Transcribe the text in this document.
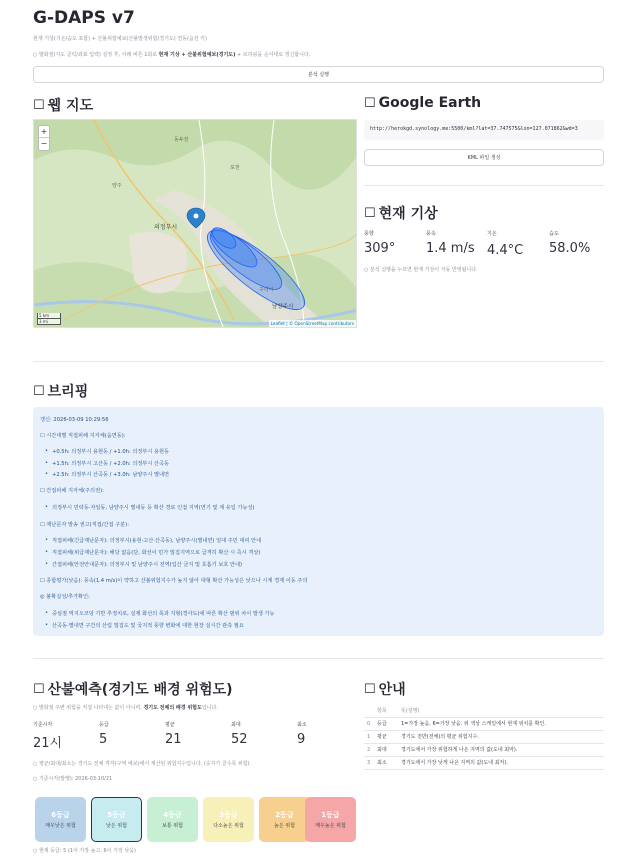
G-DAPS v7
현재 기상(기온/습도 포함) + 산불위험예보(산불발생위험(경기도) 연동(옵션 키)
○ 발화점(지도 클릭/좌표 입력) 설정 후, 아래 버튼 1회로 현재 기상 + 산불위험예보(경기도) + 브리핑을 순서대로 갱신합니다.
분석 실행
☐ 웹 지도
의정부시
남양주시
구리시
동두천
포천
양주
+
−
5 km
3 mi	Leaflet | © OpenStreetMap contributors
☐ Google Earth
http://herokgd.synology.me:5500/kml?lat=37.747575&lon=127.071862&wd=3
KML 파일 생성
☐ 현재 기상
풍향
309°
풍속
1.4 m/s
기온
4.4°C
습도
58.0%
○ 분석 실행을 누르면 현재 기상이 자동 반영됩니다.
☐ 브리핑
갱신: 2026-03-09 10:29:56
☐ 시간대별 직접피해 지자체(읍면동):
• +0.5h: 의정부시 용현동 / +1.0h: 의정부시 용현동
• +1.5h: 의정부시 고산동 / +2.0h: 의정부시 산곡동
• +2.5h: 의정부시 산곡동 / +3.0h: 남양주시 별내면
☐ 간접피해 지자체(주의권):
• 의정부시 민락동·자일동, 남양주시 별내동 등 확산 경로 인접 지역(연기 및 재 유입 가능성)
☐ 재난문자 발송 권고(직접/간접 구분):
• 직접피해(긴급재난문자): 의정부시(용현·고산·산곡동), 남양주시(별내면) 일대 주민 대피 안내
• 직접피해(위급재난문자): 해당 없음(단, 화선이 민가 밀집지역으로 급격히 확산 시 즉시 격상)
• 간접피해(안전안내문자): 의정부시 및 남양주시 전역(입산 금지 및 호흡기 보호 안내)
☐ 종합평가(낮음): 풍속(1.4 m/s)이 약하고 산불위험지수가 높지 않아 대형 확산 가능성은 낮으나 시계 경계 이동 주의
◎ 불확실성/추가확인:
• 중심점 역지오코딩 기반 추정치로, 실제 화선의 폭과 지형(경사도)에 따른 확산 범위 차이 발생 가능
• 산곡동·별내면 구간의 산림 밀집도 및 국지적 풍향 변화에 대한 현장 실시간 관측 필요
☐ 산불예측(경기도 배경 위험도)
○ 발화점 주변 위험을 직접 나타내는 값이 아니며, 경기도 전체의 배경 위험도입니다.
기준시각
21시
등급
5
평균
21
최대
52
최소
9
○ 평균/최대/최소는 경기도 전체 격자(구역 예보)에서 계산된 위험지수입니다. (숫자가 클수록 위험)
○ 기준시각(발행): 2026-03-10/21
6등급
매우낮은 위험
5등급
낮은 위험
4등급
보통 위험
3등급
다소높은 위험
2등급
높은 위험
1등급
매우높은 위험
○ 현재 등급: 5 (1이 가장 높고, 6이 가장 낮음)
☐ 안내
	항목	뜻(설명)
0	등급	1=가장 높음, 6=가장 낮음. 위 색상 스케일에서 현재 위치를 확인.
1	평균	경기도 전반(전체)의 평균 위험지수.
2	최대	경기도에서 가장 위험하게 나온 지역의 값(도내 최악).
3	최소	경기도에서 가장 낮게 나온 지역의 값(도내 최저).
